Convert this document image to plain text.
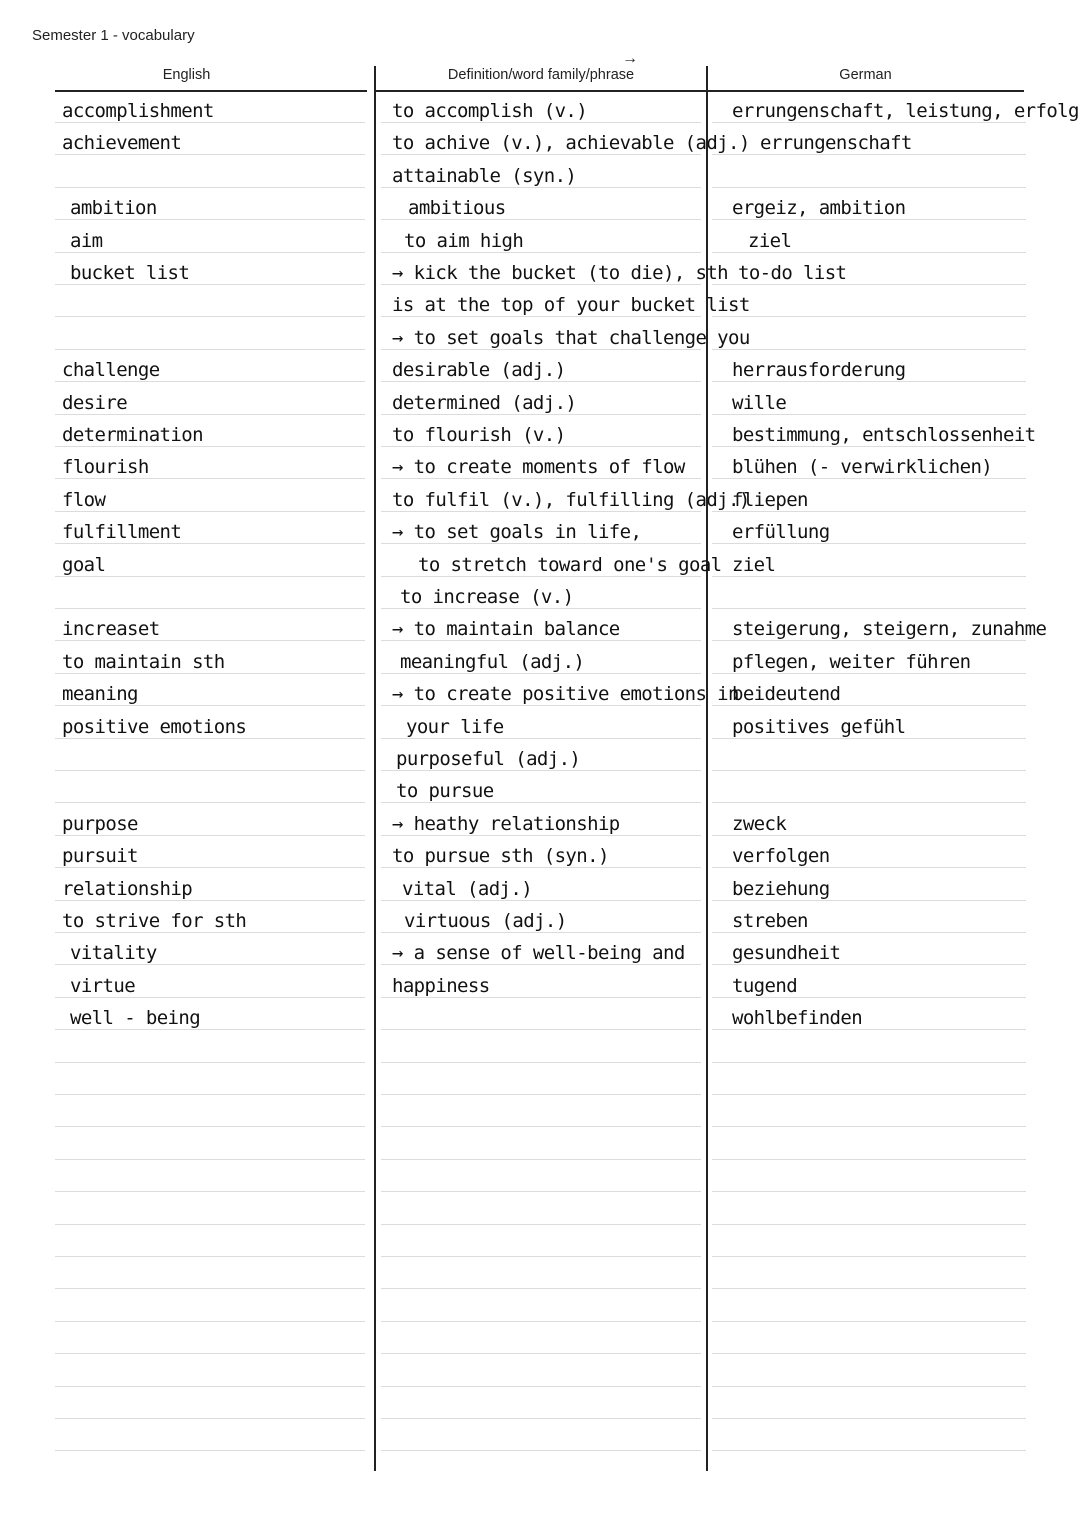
Semester 1 - vocabulary
English
→
Definition/word family/phrase	German
accomplishment
achievement
ambition
aim
bucket list
challenge
desire
determination
flourish
flow
fulfillment
goal
increaset
to maintain sth
meaning
positive emotions
purpose
pursuit
relationship
to strive for sth
vitality
virtue
well - being
to accomplish (v.)
to achive (v.), achievable (adj.)
attainable (syn.)
ambitious
to aim high
→ kick the bucket (to die), sth
is at the top of your bucket list
→ to set goals that challenge you
desirable (adj.)
determined (adj.)
to flourish (v.)
→ to create moments of flow
to fulfil (v.), fulfilling (adj.)
→ to set goals in life,
to stretch toward one's goal
to increase (v.)
→ to maintain balance
meaningful (adj.)
→ to create positive emotions in
your life
purposeful (adj.)
to pursue
→ heathy relationship
to pursue sth (syn.)
vital (adj.)
virtuous (adj.)
→ a sense of well-being and
happiness
errungenschaft, leistung, erfolg
errungenschaft
ergeiz, ambition
ziel
to-do list
herrausforderung
wille
bestimmung, entschlossenheit
blühen (- verwirklichen)
fliepen
erfüllung
ziel
steigerung, steigern, zunahme
pflegen, weiter führen
beideutend
positives gefühl
zweck
verfolgen
beziehung
streben
gesundheit
tugend
wohlbefinden
